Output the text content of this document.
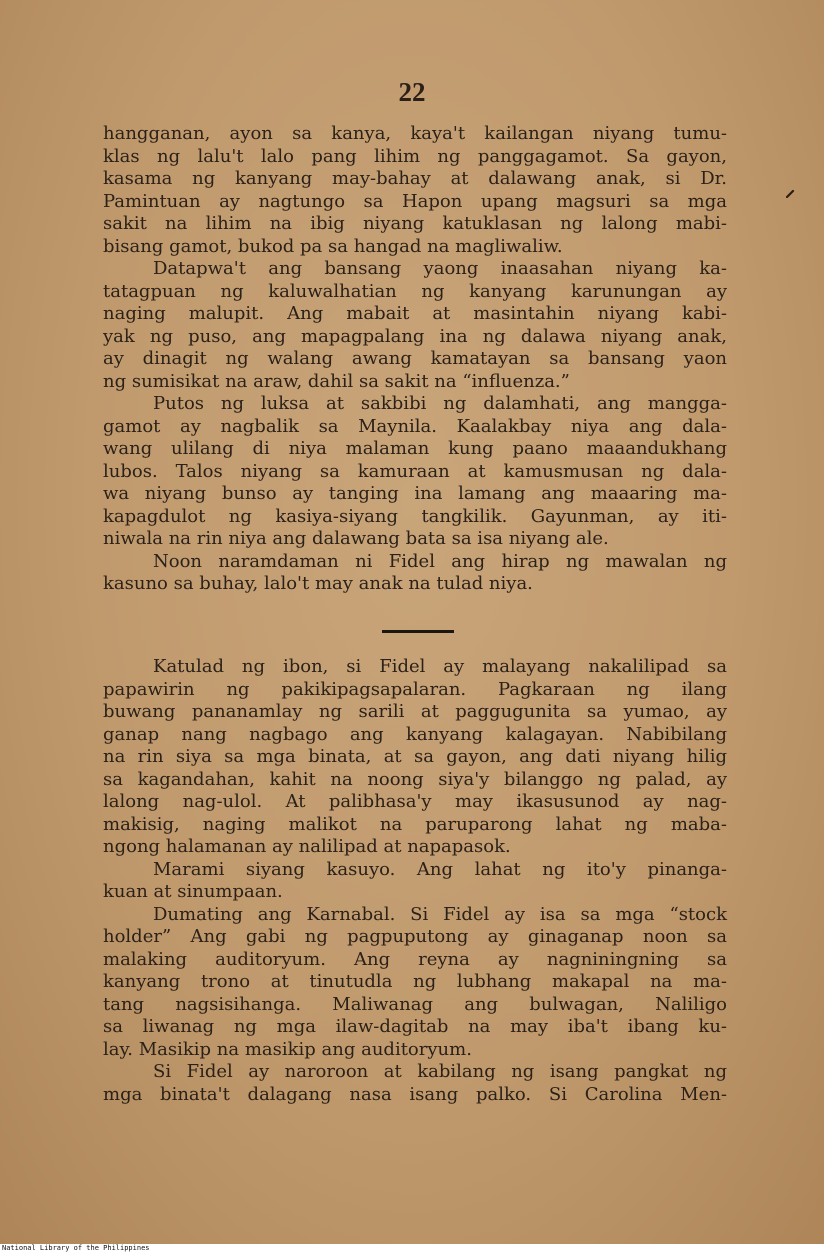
22
hangganan, ayon sa kanya, kaya't kailangan niyang tumu-
klas ng lalu't lalo pang lihim ng panggagamot. Sa gayon,
kasama ng kanyang may-bahay at dalawang anak, si Dr.
Pamintuan ay nagtungo sa Hapon upang magsuri sa mga
sakit na lihim na ibig niyang katuklasan ng lalong mabi-
bisang gamot, bukod pa sa hangad na magliwaliw.
Datapwa't ang bansang yaong inaasahan niyang ka-
tatagpuan ng kaluwalhatian ng kanyang karunungan ay
naging malupit. Ang mabait at masintahin niyang kabi-
yak ng puso, ang mapagpalang ina ng dalawa niyang anak,
ay dinagit ng walang awang kamatayan sa bansang yaon
ng sumisikat na araw, dahil sa sakit na “influenza.”
Putos ng luksa at sakbibi ng dalamhati, ang mangga-
gamot ay nagbalik sa Maynila. Kaalakbay niya ang dala-
wang ulilang di niya malaman kung paano maaandukhang
lubos. Talos niyang sa kamuraan at kamusmusan ng dala-
wa niyang bunso ay tanging ina lamang ang maaaring ma-
kapagdulot ng kasiya-siyang tangkilik. Gayunman, ay iti-
niwala na rin niya ang dalawang bata sa isa niyang ale.
Noon naramdaman ni Fidel ang hirap ng mawalan ng
kasuno sa buhay, lalo't may anak na tulad niya.
Katulad ng ibon, si Fidel ay malayang nakalilipad sa
papawirin ng pakikipagsapalaran. Pagkaraan ng ilang
buwang pananamlay ng sarili at paggugunita sa yumao, ay
ganap nang nagbago ang kanyang kalagayan. Nabibilang
na rin siya sa mga binata, at sa gayon, ang dati niyang hilig
sa kagandahan, kahit na noong siya'y bilanggo ng palad, ay
lalong nag-ulol. At palibhasa'y may ikasusunod ay nag-
makisig, naging malikot na paruparong lahat ng maba-
ngong halamanan ay nalilipad at napapasok.
Marami siyang kasuyo. Ang lahat ng ito'y pinanga-
kuan at sinumpaan.
Dumating ang Karnabal. Si Fidel ay isa sa mga “stock
holder” Ang gabi ng pagpuputong ay ginaganap noon sa
malaking auditoryum. Ang reyna ay nagniningning sa
kanyang trono at tinutudla ng lubhang makapal na ma-
tang nagsisihanga. Maliwanag ang bulwagan, Naliligo
sa liwanag ng mga ilaw-dagitab na may iba't ibang ku-
lay. Masikip na masikip ang auditoryum.
Si Fidel ay naroroon at kabilang ng isang pangkat ng
mga binata't dalagang nasa isang palko. Si Carolina Men-
National Library of the Philippines
